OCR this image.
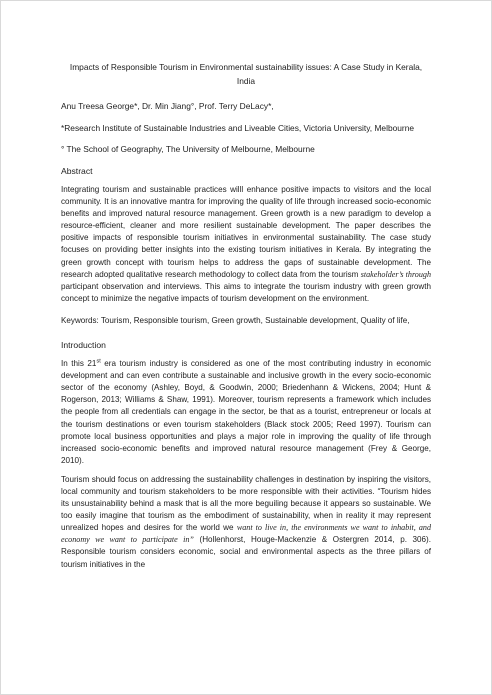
Impacts of Responsible Tourism in Environmental sustainability issues: A Case Study in Kerala, India
Anu Treesa George*, Dr. Min Jiang°, Prof. Terry DeLacy*,
*Research Institute of Sustainable Industries and Liveable Cities, Victoria University, Melbourne
° The School of Geography, The University of Melbourne, Melbourne
Abstract

Integrating tourism and sustainable practices willl enhance positive impacts to visitors and the local community. It is an innovative mantra for improving the quality of life through increased socio-economic benefits and improved natural resource management. Green growth is a new paradigm to develop a resource-efficient, cleaner and more resilient sustainable development. The paper describes the positive impacts of responsible tourism initiatives in environmental sustainability. The case study focuses on providing better insights into the existing tourism initiatives in Kerala. By integrating the green growth concept with tourism helps to address the gaps of sustainable development. The research adopted qualitative research methodology to collect data from the tourism stakeholder’s through participant observation and interviews. This aims to integrate the tourism industry with green growth concept to minimize the negative impacts of tourism development on the environment.

Keywords: Tourism, Responsible tourism, Green growth, Sustainable development, Quality of life,
Introduction

In this 21st era tourism industry is considered as one of the most contributing industry in economic development and can even contribute a sustainable and inclusive growth in the every socio-economic sector of the economy (Ashley, Boyd, & Goodwin, 2000; Briedenhann & Wickens, 2004; Hunt & Rogerson, 2013; Williams & Shaw, 1991). Moreover, tourism represents a framework which includes the people from all credentials can engage in the sector, be that as a tourist, entrepreneur or locals at the tourism destinations or even tourism stakeholders (Black stock 2005; Reed 1997). Tourism can promote local business opportunities and plays a major role in improving the quality of life through increased socio-economic benefits and improved natural resource management (Frey & George, 2010).

Tourism should focus on addressing the sustainability challenges in destination by inspiring the visitors, local community and tourism stakeholders to be more responsible with their activities. “Tourism hides its unsustainability behind a mask that is all the more beguiling because it appears so sustainable. We too easily imagine that tourism as the embodiment of sustainability, when in reality it may represent unrealized hopes and desires for the world we want to live in, the environments we want to inhabit, and economy we want to participate in” (Hollenhorst, Houge-Mackenzie & Ostergren 2014, p. 306). Responsible tourism considers economic, social and environmental aspects as the three pillars of tourism initiatives in the
